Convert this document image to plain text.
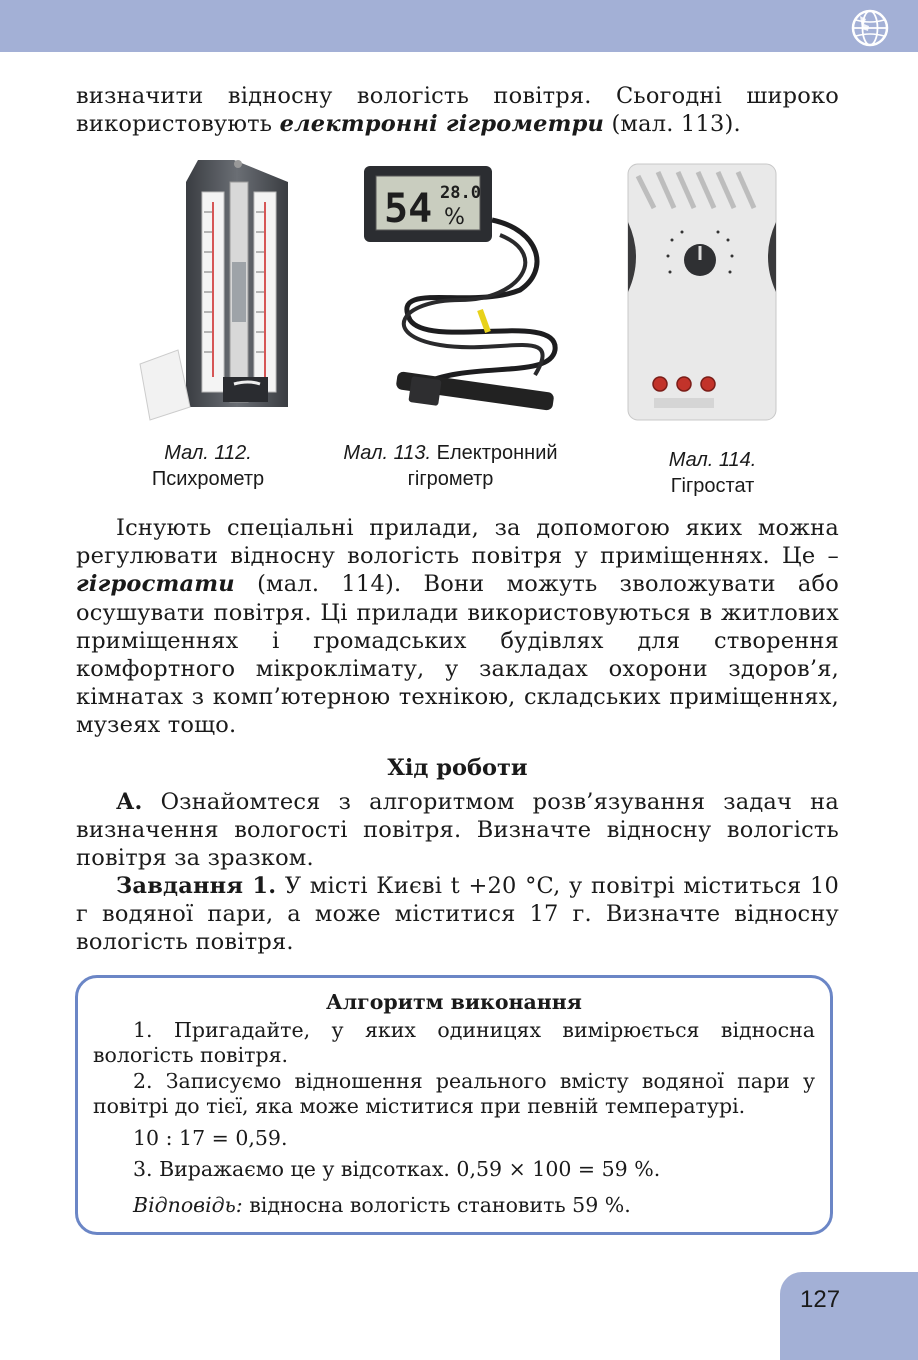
визначити відносну вологість повітря. Сьогодні широко використовують електронні гігрометри (мал. 113).

Мал. 112.
Психрометр
54 28.0
%
Мал. 113. Електронний
гігрометр
Мал. 114.
Гігростат

Існують спеціальні прилади, за допомогою яких можна регулювати відносну вологість повітря у приміщеннях. Це – гігростати (мал. 114). Вони можуть зволожувати або осушувати повітря. Ці прилади використовуються в житлових приміщеннях і громадських будівлях для створення комфортного мікроклімату, у закладах охорони здоров’я, кімнатах з комп’ютерною технікою, складських приміщеннях, музеях тощо.

Хід роботи

А. Ознайомтеся з алгоритмом розв’язування задач на визначення вологості повітря. Визначте відносну вологість повітря за зразком.

Завдання 1. У місті Києві t +20 °C, у повітрі міститься 10 г водяної пари, а може міститися 17 г. Визначте відносну вологість повітря.

Алгоритм виконання

1. Пригадайте, у яких одиницях вимірюється відносна вологість повітря.

2. Записуємо відношення реального вмісту водяної пари у повітрі до тієї, яка може міститися при певній температурі.

10 : 17 = 0,59.

3. Виражаємо це у відсотках. 0,59 × 100 = 59 %.

Відповідь: відносна вологість становить 59 %.

127
